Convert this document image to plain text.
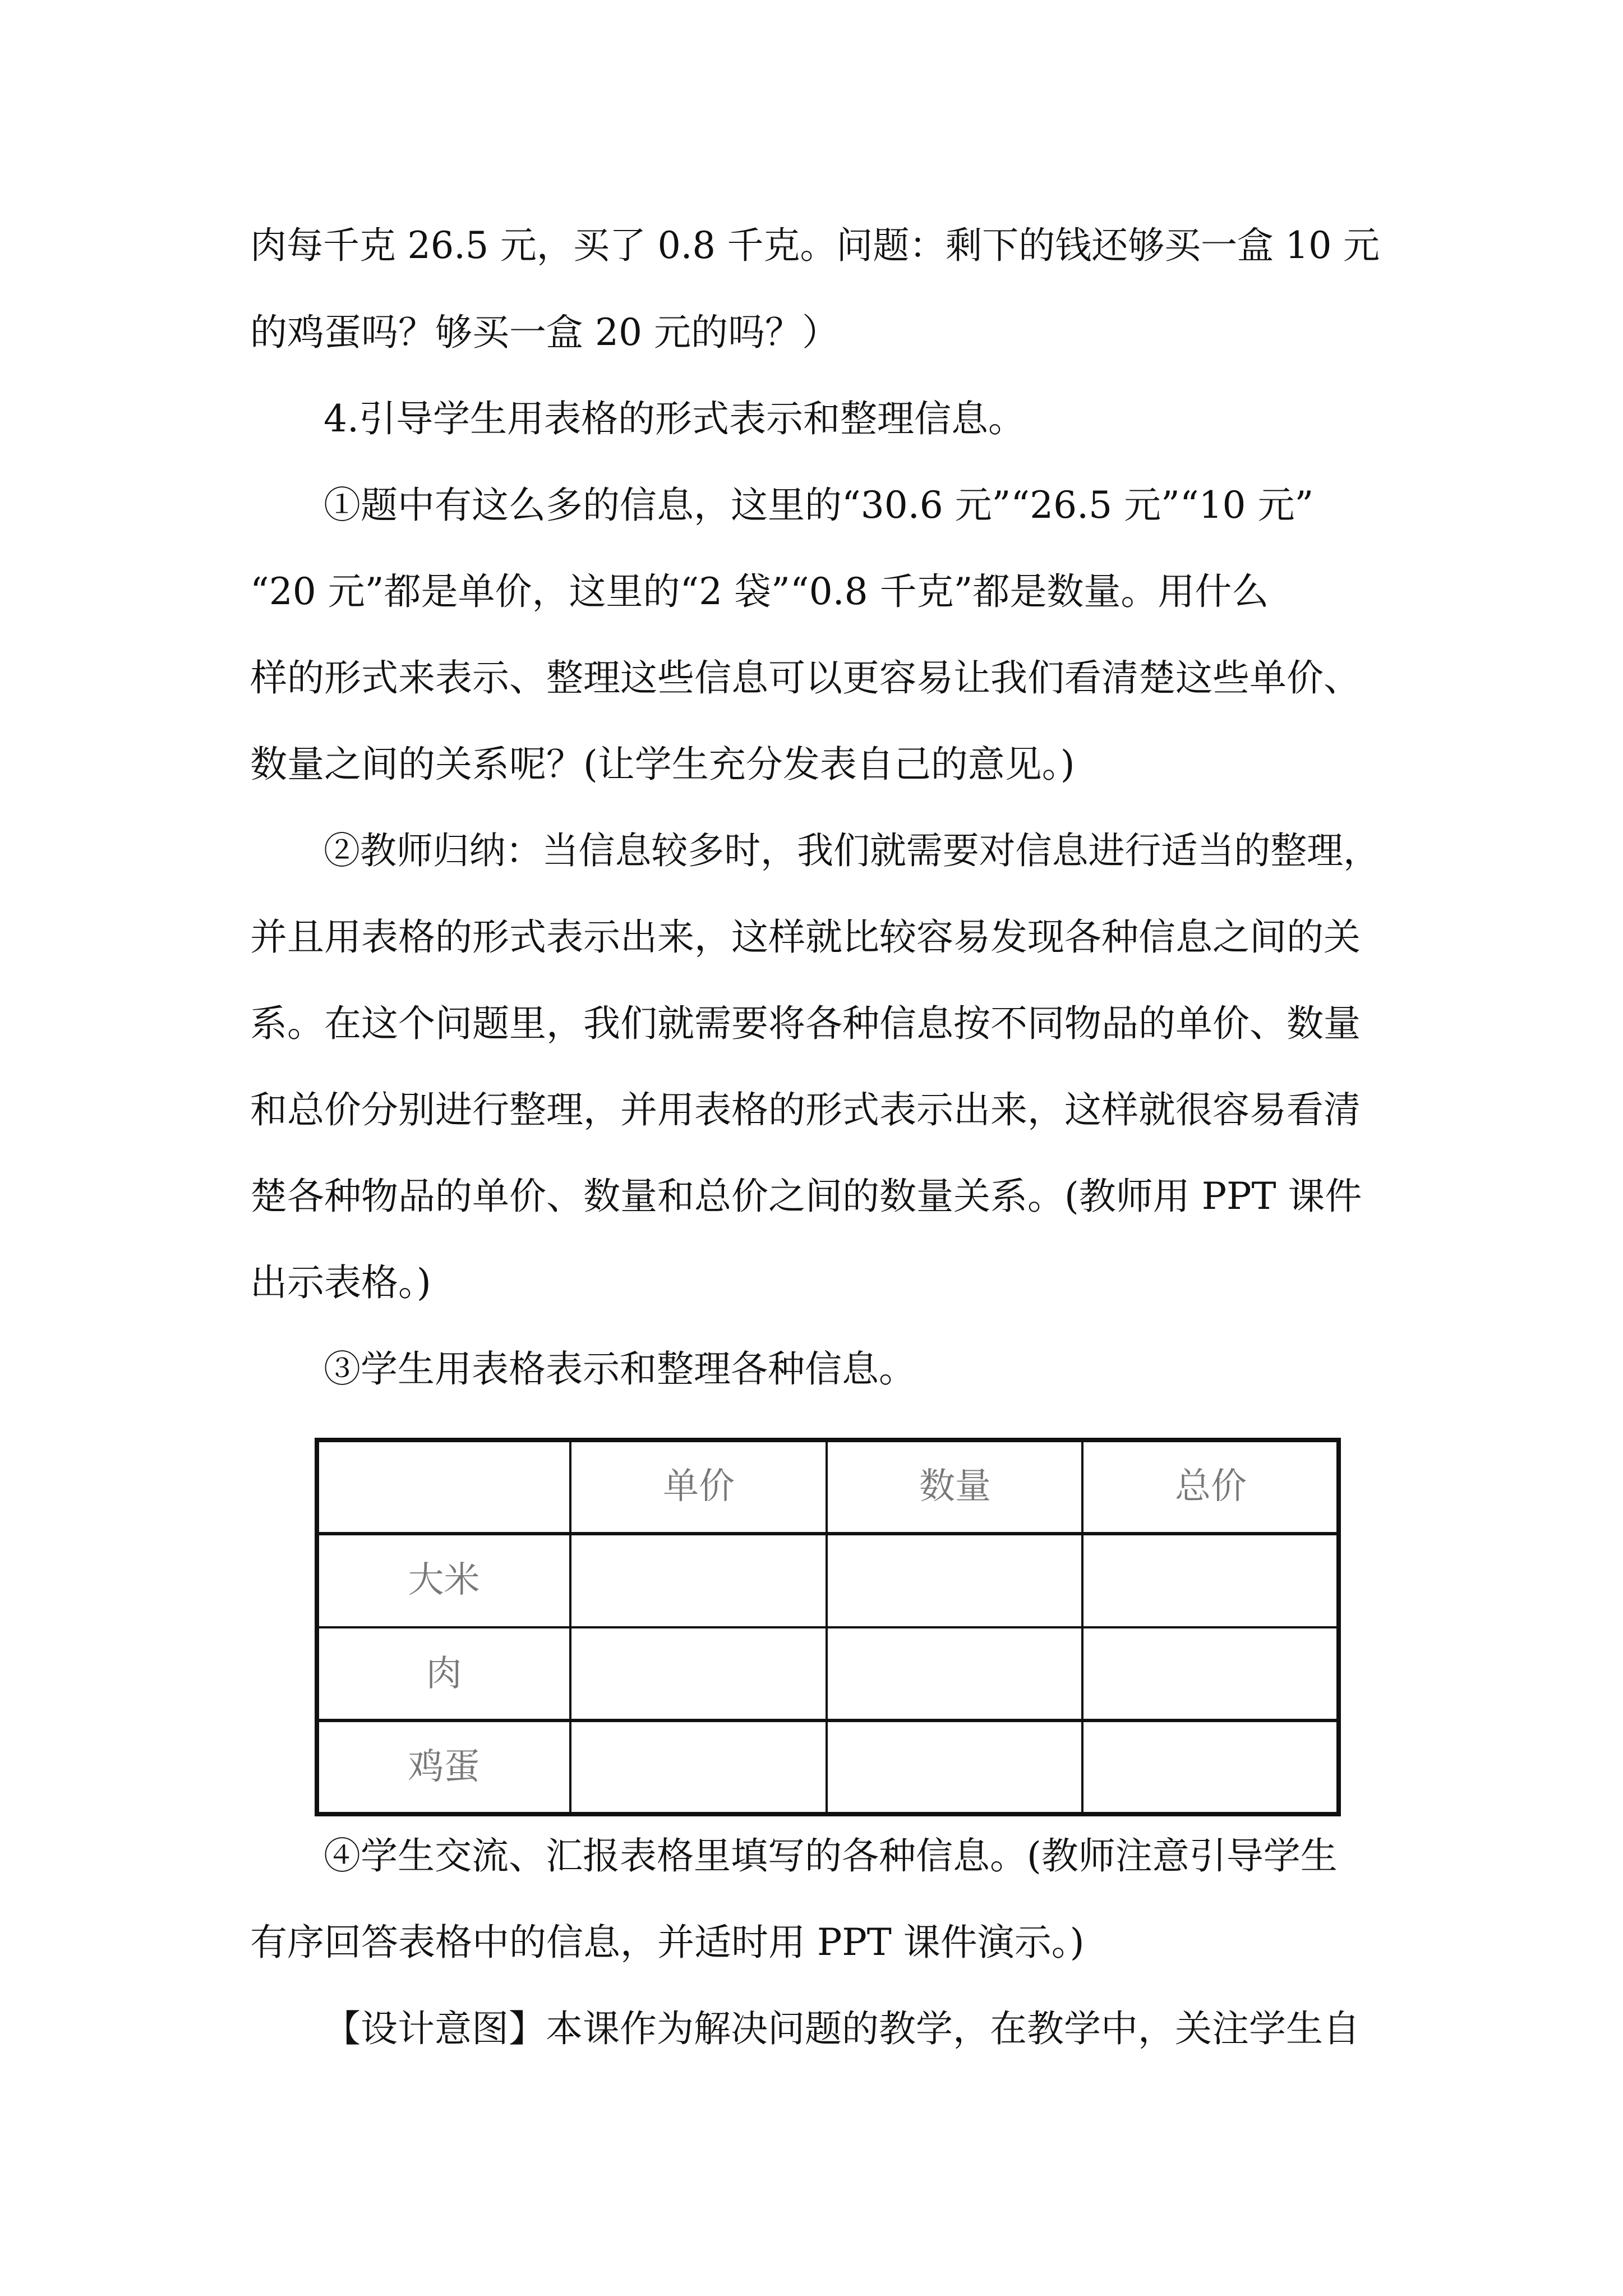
肉每千克 26.5 元，买了 0.8 千克。问题：剩下的钱还够买一盒 10 元
的鸡蛋吗？够买一盒 20 元的吗？）
4.引导学生用表格的形式表示和整理信息。
①题中有这么多的信息，这里的“30.6 元”“26.5 元”“10 元”
“20 元”都是单价，这里的“2 袋”“0.8 千克”都是数量。用什么
样的形式来表示、整理这些信息可以更容易让我们看清楚这些单价、
数量之间的关系呢？(让学生充分发表自己的意见。)
②教师归纳：当信息较多时，我们就需要对信息进行适当的整理，
并且用表格的形式表示出来，这样就比较容易发现各种信息之间的关
系。在这个问题里，我们就需要将各种信息按不同物品的单价、数量
和总价分别进行整理，并用表格的形式表示出来，这样就很容易看清
楚各种物品的单价、数量和总价之间的数量关系。(教师用 PPT 课件
出示表格。)
③学生用表格表示和整理各种信息。
单价	数量	总价
大米
肉
鸡蛋
④学生交流、汇报表格里填写的各种信息。(教师注意引导学生
有序回答表格中的信息，并适时用 PPT 课件演示。)
【设计意图】本课作为解决问题的教学，在教学中，关注学生自
